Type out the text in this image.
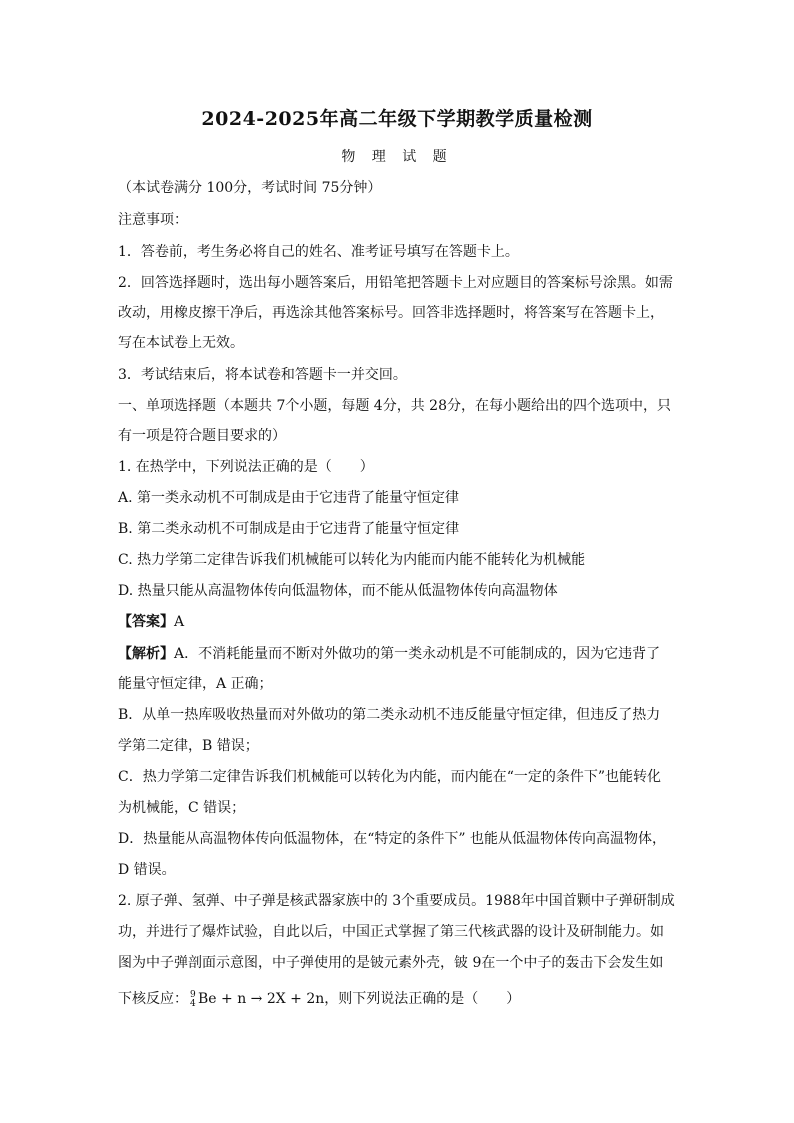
2024-2025年高二年级下学期教学质量检测
物 理 试 题
（本试卷满分 100分，考试时间 75分钟）
注意事项：
1．答卷前，考生务必将自己的姓名、准考证号填写在答题卡上。
2．回答选择题时，选出每小题答案后，用铅笔把答题卡上对应题目的答案标号涂黑。如需
改动，用橡皮擦干净后，再选涂其他答案标号。回答非选择题时，将答案写在答题卡上，
写在本试卷上无效。
3．考试结束后，将本试卷和答题卡一并交回。
一、单项选择题（本题共 7个小题，每题 4分，共 28分，在每小题给出的四个选项中，只
有一项是符合题目要求的）
1. 在热学中，下列说法正确的是（　　）
A. 第一类永动机不可制成是由于它违背了能量守恒定律
B. 第二类永动机不可制成是由于它违背了能量守恒定律
C. 热力学第二定律告诉我们机械能可以转化为内能而内能不能转化为机械能
D. 热量只能从高温物体传向低温物体，而不能从低温物体传向高温物体
【答案】A
【解析】A．不消耗能量而不断对外做功的第一类永动机是不可能制成的，因为它违背了
能量守恒定律，A 正确；
B．从单一热库吸收热量而对外做功的第二类永动机不违反能量守恒定律，但违反了热力
学第二定律，B 错误；
C．热力学第二定律告诉我们机械能可以转化为内能，而内能在“一定的条件下”也能转化
为机械能，C 错误；
D．热量能从高温物体传向低温物体，在“特定的条件下” 也能从低温物体传向高温物体，
D 错误。
2. 原子弹、氢弹、中子弹是核武器家族中的 3个重要成员。1988年中国首颗中子弹研制成
功，并进行了爆炸试验，自此以后，中国正式掌握了第三代核武器的设计及研制能力。如
图为中子弹剖面示意图，中子弹使用的是铍元素外壳，铍 9在一个中子的轰击下会发生如
下核反应： 9
4 Be + n → 2X + 2n，则下列说法正确的是（　　）
